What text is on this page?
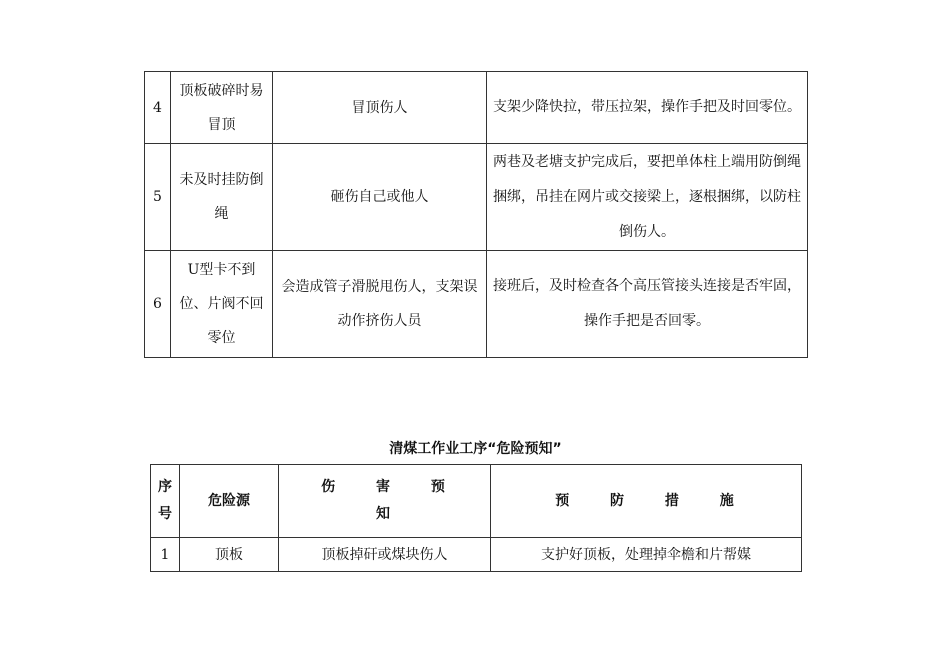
4	顶板破碎时易冒顶	冒顶伤人	支架少降快拉，带压拉架，操作手把及时回零位。
5	未及时挂防倒绳	砸伤自己或他人	两巷及老塘支护完成后，要把单体柱上端用防倒绳捆绑，吊挂在网片或交接梁上，逐根捆绑，以防柱倒伤人。
6	U型卡不到位、片阀不回零位	会造成管子滑脱甩伤人，支架误动作挤伤人员	接班后，及时检查各个高压管接头连接是否牢固，操作手把是否回零。
清煤工作业工序“危险预知”
序号	危险源	伤 害 预 知	预 防 措 施
1	顶板	顶板掉矸或煤块伤人	支护好顶板，处理掉伞檐和片帮媒
